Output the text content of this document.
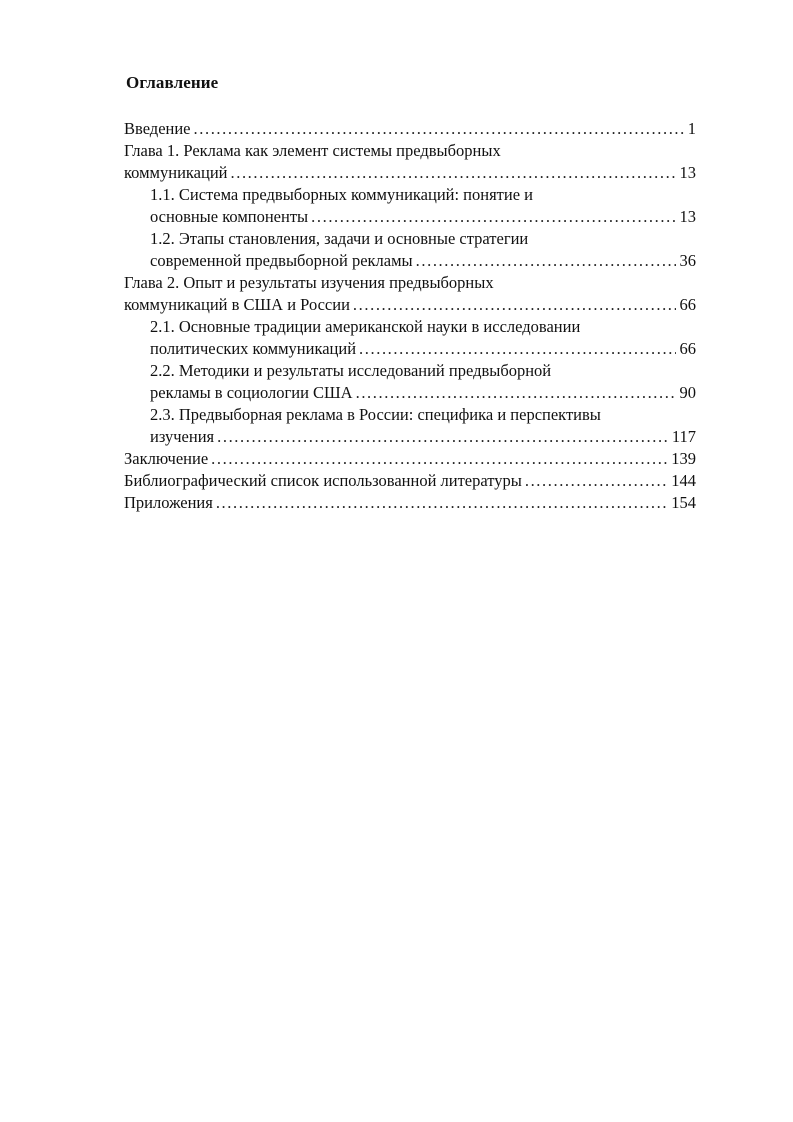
Оглавление
Введение .....	1
Глава 1. Реклама как элемент системы предвыборных
коммуникаций .....	13
1.1. Система предвыборных коммуникаций: понятие и
основные компоненты .....	13
1.2. Этапы становления, задачи и основные стратегии
современной предвыборной рекламы .....	36
Глава 2. Опыт и результаты изучения предвыборных
коммуникаций в США и России .....	66
2.1. Основные традиции американской науки в исследовании
политических коммуникаций .....	66
2.2. Методики и результаты исследований предвыборной
рекламы в социологии США .....	90
2.3. Предвыборная реклама в России: специфика и перспективы
изучения .....	117
Заключение .....	139
Библиографический список использованной литературы .....	144
Приложения .....	154
